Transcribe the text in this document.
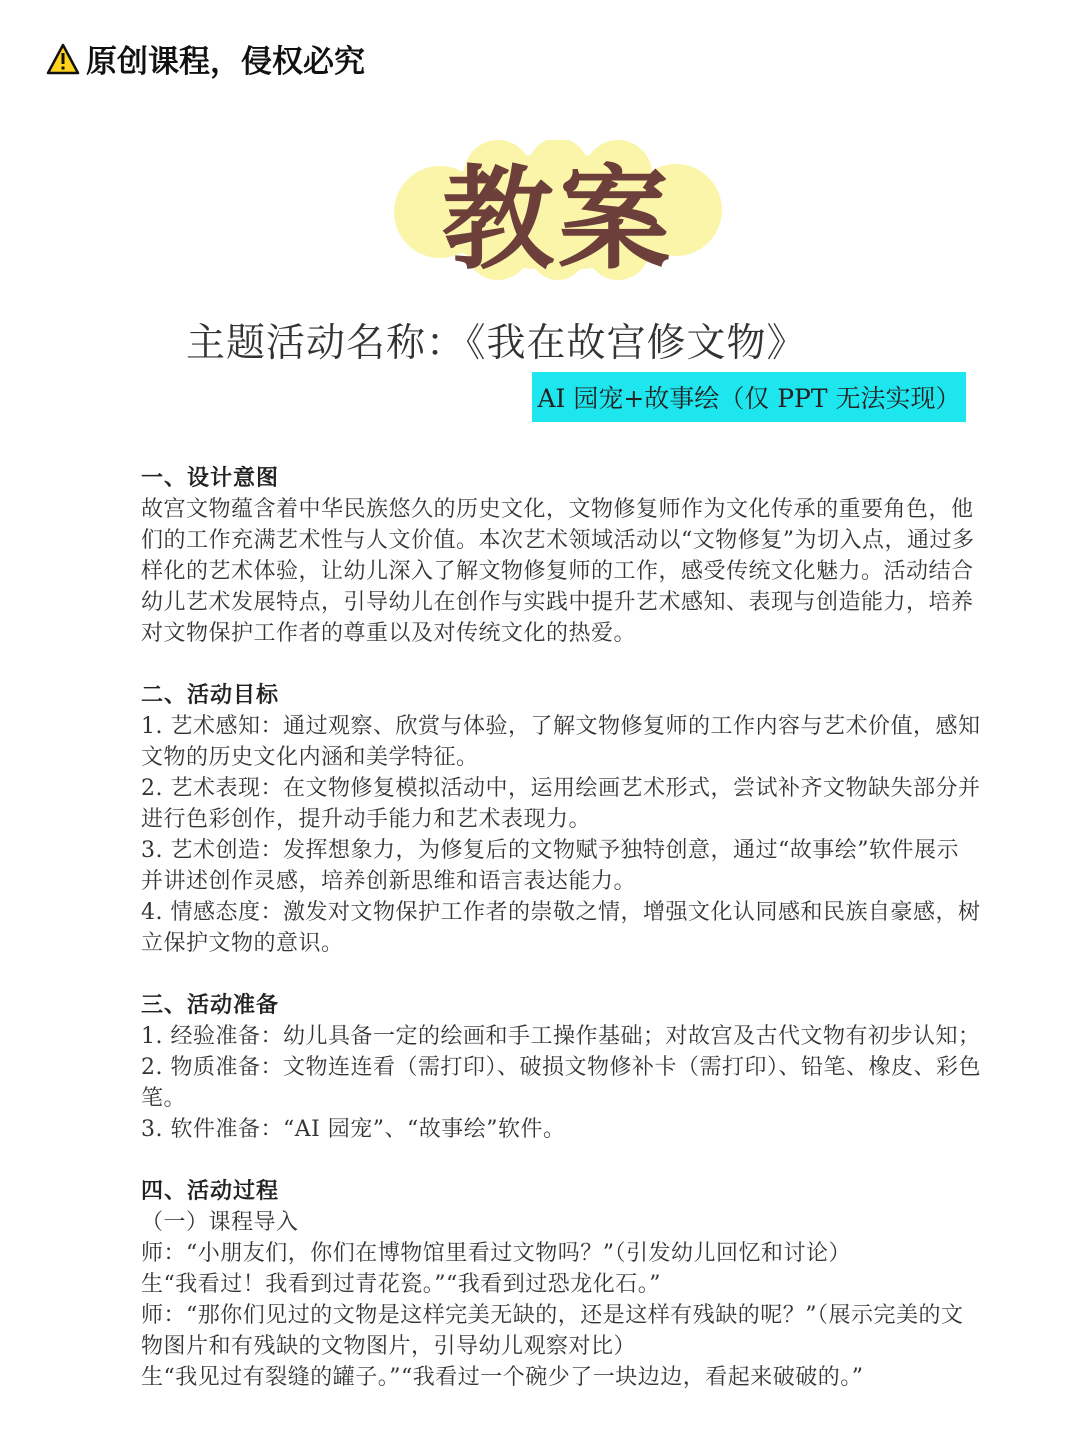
原创课程，侵权必究
教案
主题活动名称：《我在故宫修文物》
AI 园宠+故事绘（仅 PPT 无法实现）
一、设计意图
故宫文物蕴含着中华民族悠久的历史文化，文物修复师作为文化传承的重要角色，他们的工作充满艺术性与人文价值。本次艺术领域活动以“文物修复”为切入点，通过多样化的艺术体验，让幼儿深入了解文物修复师的工作，感受传统文化魅力。活动结合幼儿艺术发展特点，引导幼儿在创作与实践中提升艺术感知、表现与创造能力，培养对文物保护工作者的尊重以及对传统文化的热爱。
二、活动目标
1. 艺术感知：通过观察、欣赏与体验，了解文物修复师的工作内容与艺术价值，感知文物的历史文化内涵和美学特征。
2. 艺术表现：在文物修复模拟活动中，运用绘画艺术形式，尝试补齐文物缺失部分并进行色彩创作，提升动手能力和艺术表现力。
3. 艺术创造：发挥想象力，为修复后的文物赋予独特创意，通过“故事绘”软件展示并讲述创作灵感，培养创新思维和语言表达能力。
4. 情感态度：激发对文物保护工作者的崇敬之情，增强文化认同感和民族自豪感，树立保护文物的意识。
三、活动准备
1. 经验准备：幼儿具备一定的绘画和手工操作基础；对故宫及古代文物有初步认知；
2. 物质准备：文物连连看（需打印）、破损文物修补卡（需打印）、铅笔、橡皮、彩色笔。
3. 软件准备：“AI 园宠”、“故事绘”软件。
四、活动过程
（一）课程导入
师：“小朋友们，你们在博物馆里看过文物吗？”（引发幼儿回忆和讨论）
生“我看过！我看到过青花瓷。”“我看到过恐龙化石。”
师：“那你们见过的文物是这样完美无缺的，还是这样有残缺的呢？”（展示完美的文物图片和有残缺的文物图片，引导幼儿观察对比）
生“我见过有裂缝的罐子。”“我看过一个碗少了一块边边，看起来破破的。”
